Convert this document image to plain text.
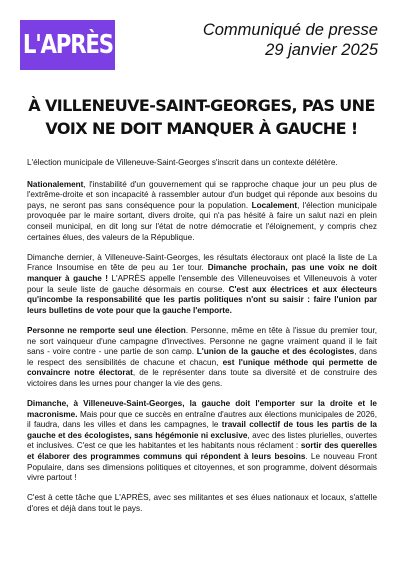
L'APRÈS	Communiqué de presse
29 janvier 2025
À VILLENEUVE-SAINT-GEORGES, PAS UNE
VOIX NE DOIT MANQUER À GAUCHE !

L'élection municipale de Villeneuve-Saint-Georges s'inscrit dans un contexte délétère.

Nationalement, l'instabilité d'un gouvernement qui se rapproche chaque jour un peu plus de l'extrême-droite et son incapacité à rassembler autour d'un budget qui réponde aux besoins du pays, ne seront pas sans conséquence pour la population. Localement, l'élection municipale provoquée par le maire sortant, divers droite, qui n'a pas hésité à faire un salut nazi en plein conseil municipal, en dit long sur l'état de notre démocratie et l'éloignement, y compris chez certaines élues, des valeurs de la République.

Dimanche dernier, à Villeneuve-Saint-Georges, les résultats électoraux ont placé la liste de La France Insoumise en tête de peu au 1er tour. Dimanche prochain, pas une voix ne doit manquer à gauche ! L'APRÈS appelle l'ensemble des Villeneuvoises et Villeneuvois à voter pour la seule liste de gauche désormais en course. C'est aux électrices et aux électeurs qu'incombe la responsabilité que les partis politiques n'ont su saisir : faire l'union par leurs bulletins de vote pour que la gauche l'emporte.

Personne ne remporte seul une élection. Personne, même en tête à l'issue du premier tour, ne sort vainqueur d'une campagne d'invectives. Personne ne gagne vraiment quand il le fait sans - voire contre - une partie de son camp. L'union de la gauche et des écologistes, dans le respect des sensibilités de chacune et chacun, est l'unique méthode qui permette de convaincre notre électorat, de le représenter dans toute sa diversité et de construire des victoires dans les urnes pour changer la vie des gens.

Dimanche, à Villeneuve-Saint-Georges, la gauche doit l'emporter sur la droite et le macronisme. Mais pour que ce succès en entraîne d'autres aux élections municipales de 2026, il faudra, dans les villes et dans les campagnes, le travail collectif de tous les partis de la gauche et des écologistes, sans hégémonie ni exclusive, avec des listes plurielles, ouvertes et inclusives. C'est ce que les habitantes et les habitants nous réclament : sortir des querelles et élaborer des programmes communs qui répondent à leurs besoins. Le nouveau Front Populaire, dans ses dimensions politiques et citoyennes, et son programme, doivent désormais vivre partout !

C'est à cette tâche que L'APRÈS, avec ses militantes et ses élues nationaux et locaux, s'attelle d'ores et déjà dans tout le pays.
